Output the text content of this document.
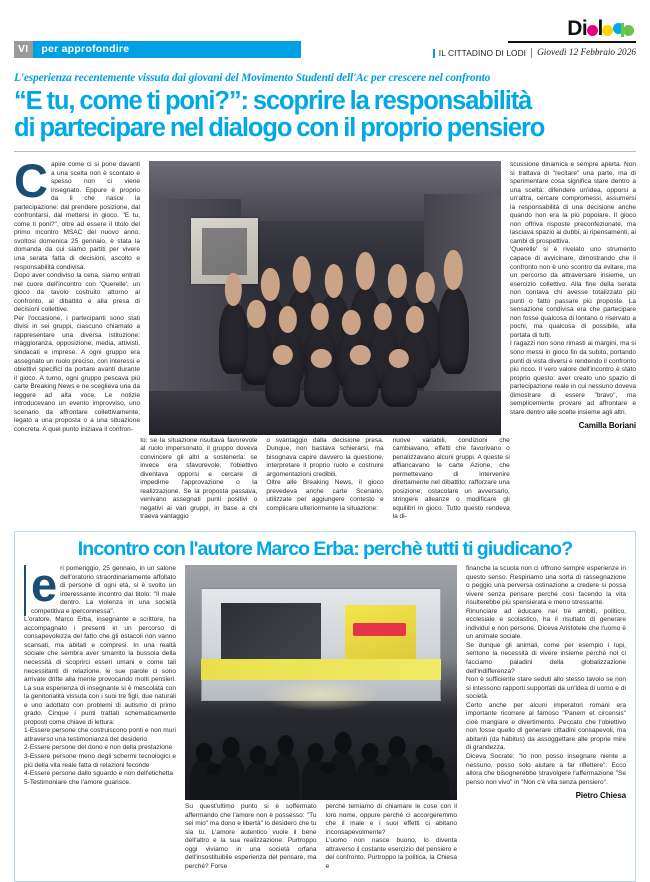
VI	per approfondire
Di l
IL CITTADINO DI LODI	Giovedì 12 Febbraio 2026
L'esperienza recentemente vissuta dai giovani del Movimento Studenti dell'Ac per crescere nel confronto
“E tu, come ti poni?”: scoprire la responsabilità
di partecipare nel dialogo con il proprio pensiero

Capire come ci si pone davanti a una scelta non è scontato e spesso non ci viene insegnato. Eppure è proprio da lì che nasce la partecipazione: dal prendere posizione, dal confrontarsi, dal mettersi in gioco. "E tu, come ti poni?", oltre ad essere il titolo del primo incontro MSAC del nuovo anno, svoltosi domenica 25 gennaio, è stata la domanda da cui siamo partiti per vivere una serata fatta di decisioni, ascolto e responsabilità condivisa.

Dopo aver condiviso la cena, siamo entrati nel cuore dell'incontro con 'Querelle', un gioco da tavolo costruito attorno al confronto, al dibattito e alla presa di decisioni collettive.

Per l'occasione, i partecipanti sono stati divisi in sei gruppi, ciascuno chiamato a rappresentare una diversa istituzione: maggioranza, opposizione, media, attivisti, sindacati e imprese. A ogni gruppo era assegnato un ruolo preciso, con interessi e obiettivi specifici da portare avanti durante il gioco. A turno, ogni gruppo pescava più carte Breaking News e ne sceglieva una da leggere ad alta voce. Le notizie introducevano un evento improvviso, uno scenario da affrontare collettivamente, legato a una proposta o a una situazione concreta. A quel punto iniziava il confron-

scussione dinamica e sempre aperta. Non si trattava di "recitare" una parte, ma di sperimentare cosa significa stare dentro a una scelta: difendere un'idea, opporsi a un'altra, cercare compromessi, assumersi la responsabilità di una decisione anche quando non era la più popolare. Il gioco non offriva risposte preconfezionate, ma lasciava spazio ai dubbi, ai ripensamenti, ai cambi di prospettiva.

'Querelle' si è rivelato uno strumento capace di avvicinare, dimostrando che il confronto non è uno scontro da evitare, ma un percorso da attraversare insieme, un esercizio collettivo. Alla fine della serata non contava chi avesse totalizzato più punti o fatto passare più proposte. La sensazione condivisa era che partecipare non fosse qualcosa di lontano o riservato a pochi, ma qualcosa di possibile, alla portata di tutti.

I ragazzi non sono rimasti ai margini, ma si sono messi in gioco fin da subito, portando punti di vista diversi e rendendo il confronto più ricco. Il vero valore dell'incontro è stato proprio questo: aver creato uno spazio di partecipazione reale in cui nessuno doveva dimostrare di essere "bravo", ma semplicemente provare ad affrontare e stare dentro alle scelte insieme agli altri.

Camilla Boriani

to: se la situazione risultava favorevole al ruolo impersonato, il gruppo doveva convincere gli altri a sostenerla: se invece era sfavorevole, l'obiettivo diventava opporsi e cercare di impedirne l'approvazione o la realizzazione. Se la proposta passava, venivano assegnati punti positivi o negativi ai vari gruppi, in base a chi traeva vantaggio

o svantaggio dalla decisione presa. Dunque, non bastava schierarsi, ma bisognava capire davvero la questione, interpretare il proprio ruolo e costruire argomentazioni credibili.

Oltre alle Breaking News, il gioco prevedeva anche carte Scenario, utilizzate per aggiungere contesto e complicare ulteriormente la situazione:

nuove variabili, condizioni che cambiavano, effetti che favorivano o penalizzavano alcuni gruppi. A queste si affiancavano le carte Azione, che permettevano di intervenire direttamente nel dibattito: rafforzare una posizione, ostacolare un avversario, stringere alleanze o modificare gli equilibri in gioco. Tutto questo rendeva la di-

Incontro con l'autore Marco Erba: perchè tutti ti giudicano?

eri pomeriggio, 25 gennaio, in un salone dell'oratorio straordinariamente affollato di persone di ogni età, si è svolto un interessante incontro dal titolo: "Il male dentro. La violenza in una società competitiva e iperconnessa".

L'oratore, Marco Erba, insegnante e scrittore, ha accompagnato i presenti in un percorso di consapevolezza del fatto che gli ostacoli non vanno scansati, ma abitati e compresi. In una realtà sociale che sembra aver smarrito la bussola della necessità di scoprirci esseri umani e come tali necessitanti di relazione, le sue parole ci sono arrivate dritte alla mente provocando molti pensieri. La sua esperienza di insegnante si è mescolata con la genitorialità vissuta con i suoi tre figli, due naturali e uno adottato con problemi di autismo di primo grado. Cinque i punti trattati schematicamente proposti come chiave di lettura:

1-Essere persone che costruiscono ponti e non muri attraverso una testimonianza del desiderio

2-Essere persone del dono e non della prestazione

3-Essere persone meno degli schermi tecnologici e più della vita reale fatta di relazioni feconde

4-Essere persone dallo sguardo e non dell'etichetta

5-Testimoniare che l'amore guarisce.

finanche la scuola non ci offrono sempre esperienze in questo senso. Respiriamo una sorta di rassegnazione o peggio una perversa ostinazione a credere si possa vivere senza pensare perché così facendo la vita risulterebbe più spensierata e meno stressante.

Rinunciare ad educare nei tre ambiti, politico, ecclesiale e scolastico, ha il risultato di generare individui e non persone. Diceva Aristotele che l'uomo è un animale sociale.

Se dunque gli animali, come per esempio i lupi, sentono la necessità di vivere insieme perché noi ci facciamo paladini della globalizzazione dell'indifferenza?

Non è sufficiente stare seduti allo stesso tavolo se non si intessono rapporti supportati da un'idea di uomo e di società.

Certo anche per alcuni imperatori romani era importante ricorrere al famoso "Panem et circensis" cioè mangiare e divertimento. Peccato che l'obiettivo non fosse quello di generare cittadini consapevoli, ma abitanti (da habitus) da assoggettare alle proprie mire di grandezza.

Diceva Socrate: "Io non posso insegnare niente a nessuno, posso solo aiutare a far riflettere". Ecco allora che bisognerebbe stravolgere l'affermazione "Se penso non vivo" in "Non c'è vita senza pensiero".

Pietro Chiesa

Su quest'ultimo punto si è soffermato affermando che l'amore non è possesso: "Tu sei mio" ma dono e libertà" lo desidero che tu sia tu. L'amore autentico vuole il bene dell'altro e la sua realizzazione. Purtroppo oggi viviamo in una società orfana dell'insostituibile esperienza del pensare, ma perché? Forse

perché temiamo di chiamare le cose con il loro nome, oppure perché ci accorgeremmo che il male e i suoi effetti ci abitano inconsapevolmente?

L'uomo non nasce buono, lo diventa attraverso il costante esercizio del pensiero e del confronto. Purtroppo la politica, la Chiesa e
